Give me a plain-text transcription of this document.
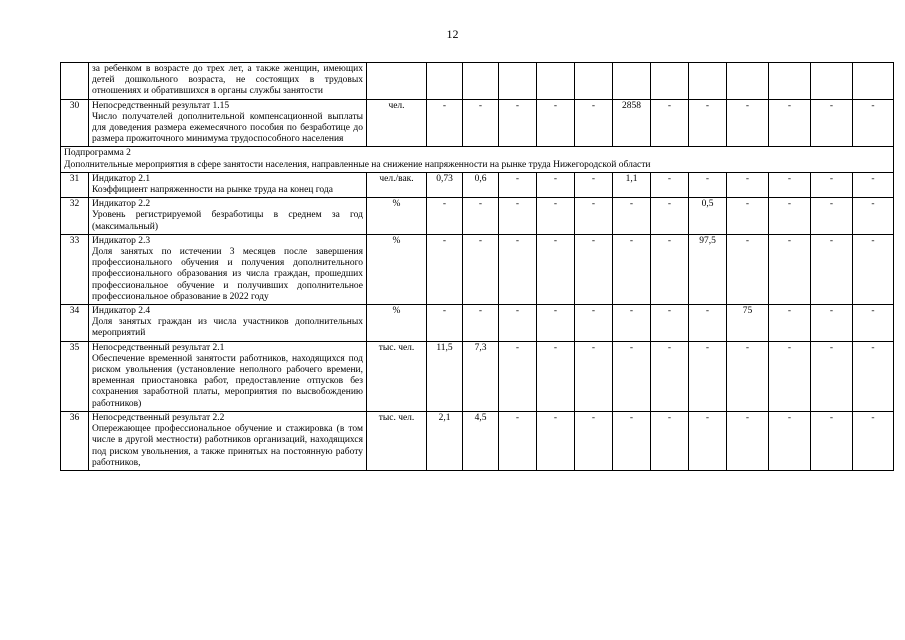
12

	за ребенком в возрасте до трех лет, а также женщин, имеющих детей дошкольного возраста, не состоящих в трудовых отношениях и обратившихся в органы службы занятости													

30	Непосредственный результат 1.15
Число получателей дополнительной компенсационной выплаты для доведения размера ежемесячного пособия по безработице до размера прожиточного минимума трудоспособного населения	чел.	-	-	-	-	-	2858	-	-	-	-	-	-

Подпрограмма 2
Дополнительные мероприятия в сфере занятости населения, направленные на снижение напряженности на рынке труда Нижегородской области														

31	Индикатор 2.1
Коэффициент напряженности на рынке труда на конец года	чел./вак.	0,73	0,6	-	-	-	1,1	-	-	-	-	-	-
32	Индикатор 2.2
Уровень регистрируемой безработицы в среднем за год (максимальный)	%	-	-	-	-	-	-	-	0,5	-	-	-	-
33	Индикатор 2.3
Доля занятых по истечении 3 месяцев после завершения профессионального обучения и получения дополнительного профессионального образования из числа граждан, прошедших профессиональное обучение и получивших дополнительное профессиональное образование в 2022 году	%	-	-	-	-	-	-	-	97,5	-	-	-	-
34	Индикатор 2.4
Доля занятых граждан из числа участников дополнительных мероприятий	%	-	-	-	-	-	-	-	-	75	-	-	-
35	Непосредственный результат 2.1
Обеспечение временной занятости работников, находящихся под риском увольнения (установление неполного рабочего времени, временная приостановка работ, предоставление отпусков без сохранения заработной платы, мероприятия по высвобождению работников)	тыс. чел.	11,5	7,3	-	-	-	-	-	-	-	-	-	-
36	Непосредственный результат 2.2
Опережающее профессиональное обучение и стажировка (в том числе в другой местности) работников организаций, находящихся под риском увольнения, а также принятых на постоянную работу работников,	тыс. чел.	2,1	4,5	-	-	-	-	-	-	-	-	-	-
